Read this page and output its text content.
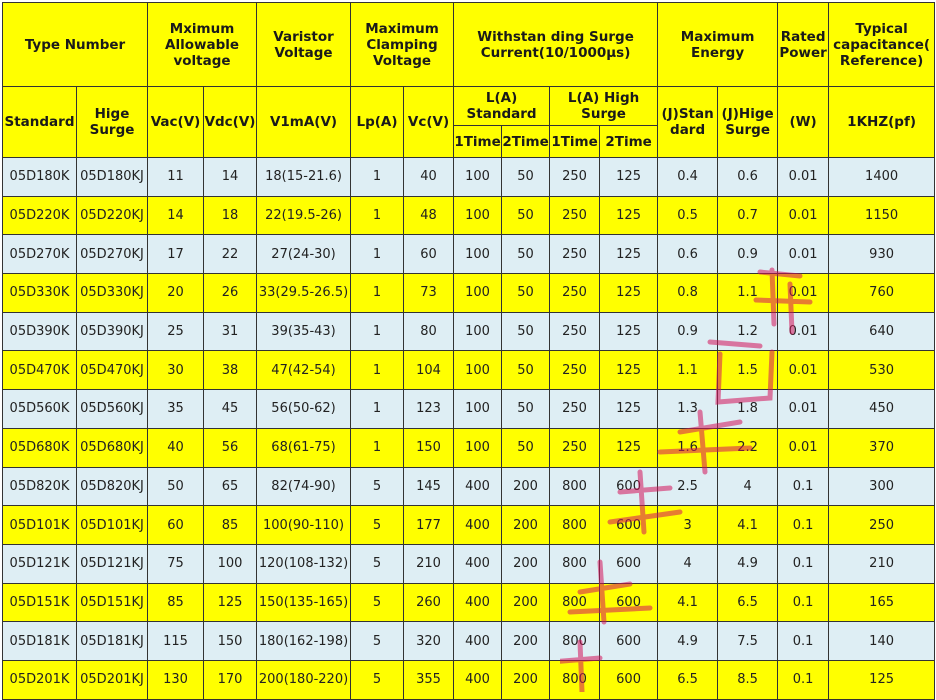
Type Number		Mximum Allowable voltage		Varistor Voltage	Maximum Clamping Voltage		Withstan ding Surge Current(10/1000μs)				Maximum Energy		Rated Power	Typical capacitance( Reference)
Standard	Hige Surge	Vac(V)	Vdc(V)	V1mA(V)	Lp(A)	Vc(V)	L(A) Standard		L(A) High Surge		(J)Stan dard	(J)Hige Surge	(W)	1KHZ(pf)
							1Time	2Time	1Time	2Time				
05D180K	05D180KJ	11	14	18(15-21.6)	1	40	100	50	250	125	0.4	0.6	0.01	1400
05D220K	05D220KJ	14	18	22(19.5-26)	1	48	100	50	250	125	0.5	0.7	0.01	1150
05D270K	05D270KJ	17	22	27(24-30)	1	60	100	50	250	125	0.6	0.9	0.01	930
05D330K	05D330KJ	20	26	33(29.5-26.5)	1	73	100	50	250	125	0.8	1.1	0.01	760
05D390K	05D390KJ	25	31	39(35-43)	1	80	100	50	250	125	0.9	1.2	0.01	640
05D470K	05D470KJ	30	38	47(42-54)	1	104	100	50	250	125	1.1	1.5	0.01	530
05D560K	05D560KJ	35	45	56(50-62)	1	123	100	50	250	125	1.3	1.8	0.01	450
05D680K	05D680KJ	40	56	68(61-75)	1	150	100	50	250	125	1.6	2.2	0.01	370
05D820K	05D820KJ	50	65	82(74-90)	5	145	400	200	800	600	2.5	4	0.1	300
05D101K	05D101KJ	60	85	100(90-110)	5	177	400	200	800	600	3	4.1	0.1	250
05D121K	05D121KJ	75	100	120(108-132)	5	210	400	200	800	600	4	4.9	0.1	210
05D151K	05D151KJ	85	125	150(135-165)	5	260	400	200	800	600	4.1	6.5	0.1	165
05D181K	05D181KJ	115	150	180(162-198)	5	320	400	200	800	600	4.9	7.5	0.1	140
05D201K	05D201KJ	130	170	200(180-220)	5	355	400	200	800	600	6.5	8.5	0.1	125
